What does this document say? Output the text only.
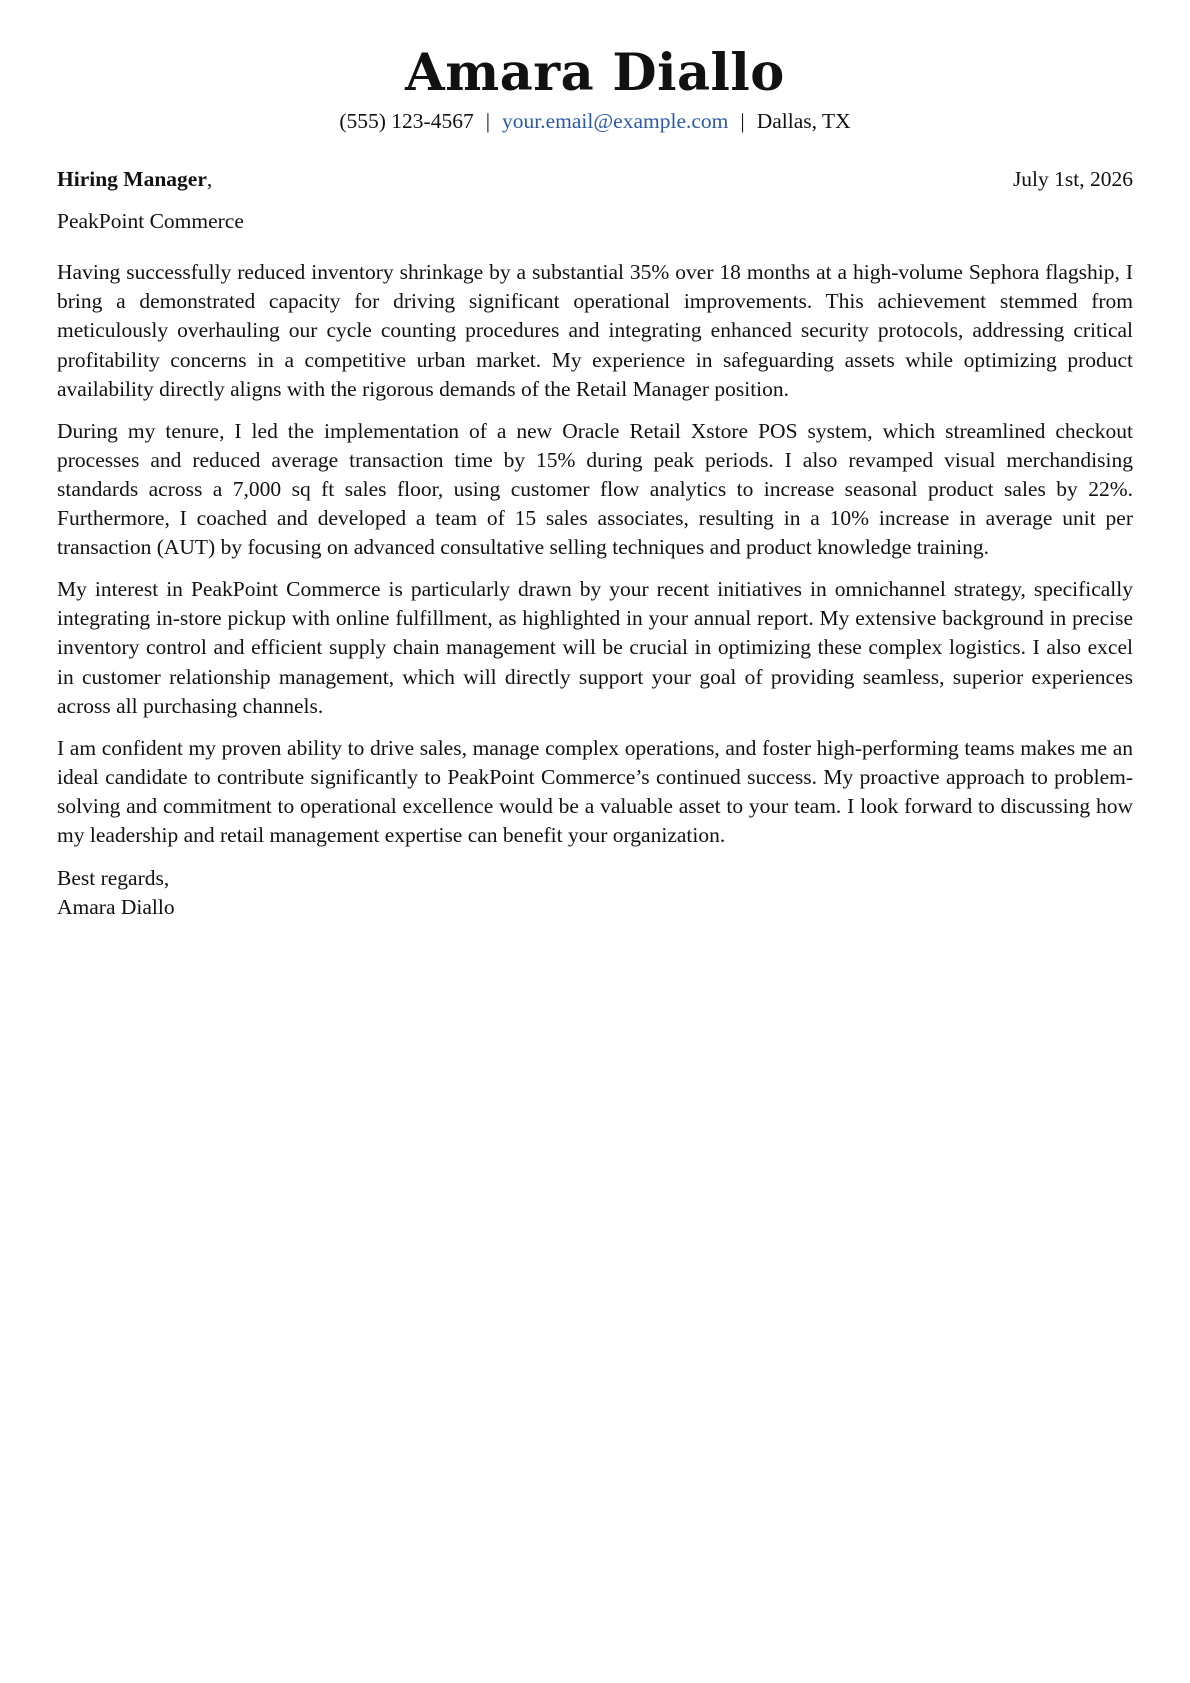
Amara Diallo
(555) 123-4567 | your.email@example.com | Dallas, TX
Hiring Manager,	July 1st, 2026
PeakPoint Commerce

Having successfully reduced inventory shrinkage by a substantial 35% over 18 months at a high-volume Sephora flagship, I bring a demonstrated capacity for driving significant operational improvements. This achievement stemmed from meticulously overhauling our cycle counting procedures and integrating enhanced security protocols, addressing critical profitability concerns in a competitive urban market. My experience in safeguarding assets while optimizing product availability directly aligns with the rigorous demands of the Retail Manager position.

During my tenure, I led the implementation of a new Oracle Retail Xstore POS system, which streamlined checkout processes and reduced average transaction time by 15% during peak periods. I also revamped visual merchandising standards across a 7,000 sq ft sales floor, using customer flow analytics to increase seasonal product sales by 22%. Furthermore, I coached and developed a team of 15 sales associates, resulting in a 10% increase in average unit per transaction (AUT) by focusing on advanced consultative selling techniques and product knowledge training.

My interest in PeakPoint Commerce is particularly drawn by your recent initiatives in omnichannel strategy, specifically integrating in-store pickup with online fulfillment, as highlighted in your annual report. My extensive background in precise inventory control and efficient supply chain management will be crucial in optimizing these complex logistics. I also excel in customer relationship management, which will directly support your goal of providing seamless, superior experiences across all purchasing channels.

I am confident my proven ability to drive sales, manage complex operations, and foster high-performing teams makes me an ideal candidate to contribute significantly to PeakPoint Commerce’s continued success. My proactive approach to problem-solving and commitment to operational excellence would be a valuable asset to your team. I look forward to discussing how my leadership and retail management expertise can benefit your organization.

Best regards,
Amara Diallo
